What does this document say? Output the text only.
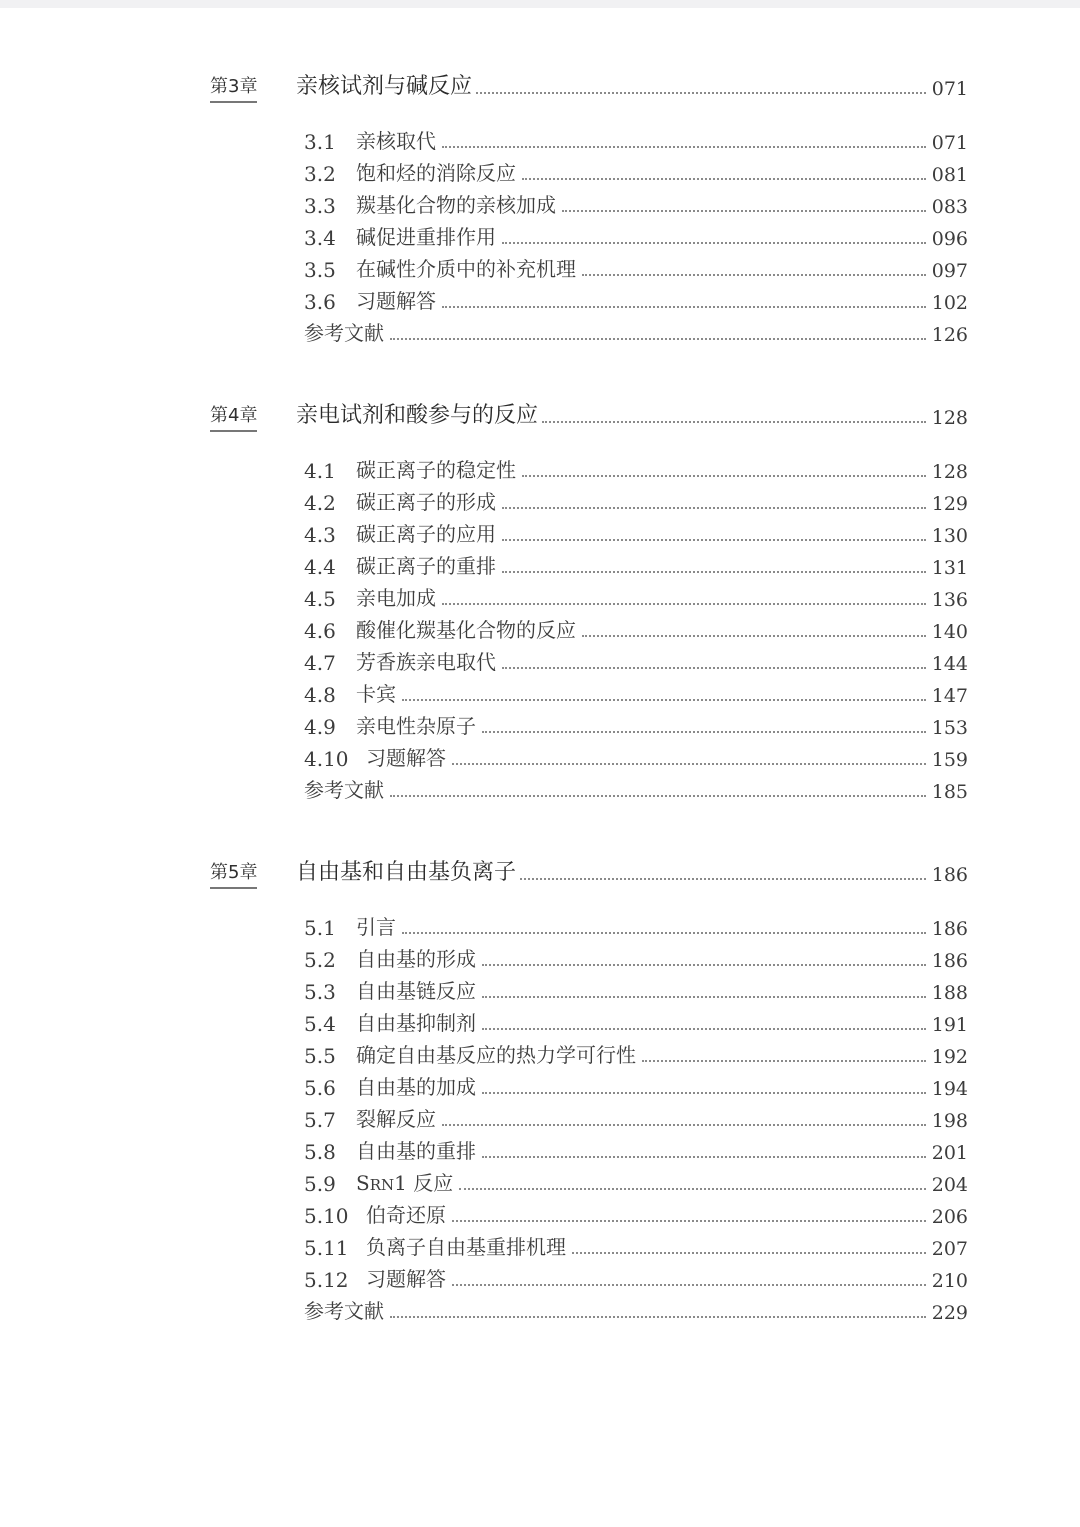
第3章 亲核试剂与碱反应	071
3.1	亲核取代	071
3.2	饱和烃的消除反应	081
3.3	羰基化合物的亲核加成	083
3.4	碱促进重排作用	096
3.5	在碱性介质中的补充机理	097
3.6	习题解答	102
参考文献	126
第4章 亲电试剂和酸参与的反应	128
4.1	碳正离子的稳定性	128
4.2	碳正离子的形成	129
4.3	碳正离子的应用	130
4.4	碳正离子的重排	131
4.5	亲电加成	136
4.6	酸催化羰基化合物的反应	140
4.7	芳香族亲电取代	144
4.8	卡宾	147
4.9	亲电性杂原子	153
4.10 习题解答	159
参考文献	185
第5章 自由基和自由基负离子	186
5.1	引言	186
5.2	自由基的形成	186
5.3	自由基链反应	188
5.4	自由基抑制剂	191
5.5	确定自由基反应的热力学可行性	192
5.6	自由基的加成	194
5.7	裂解反应	198
5.8	自由基的重排	201
5.9	SRN1 反应	204
5.10 伯奇还原	206
5.11 负离子自由基重排机理	207
5.12 习题解答	210
参考文献	229
